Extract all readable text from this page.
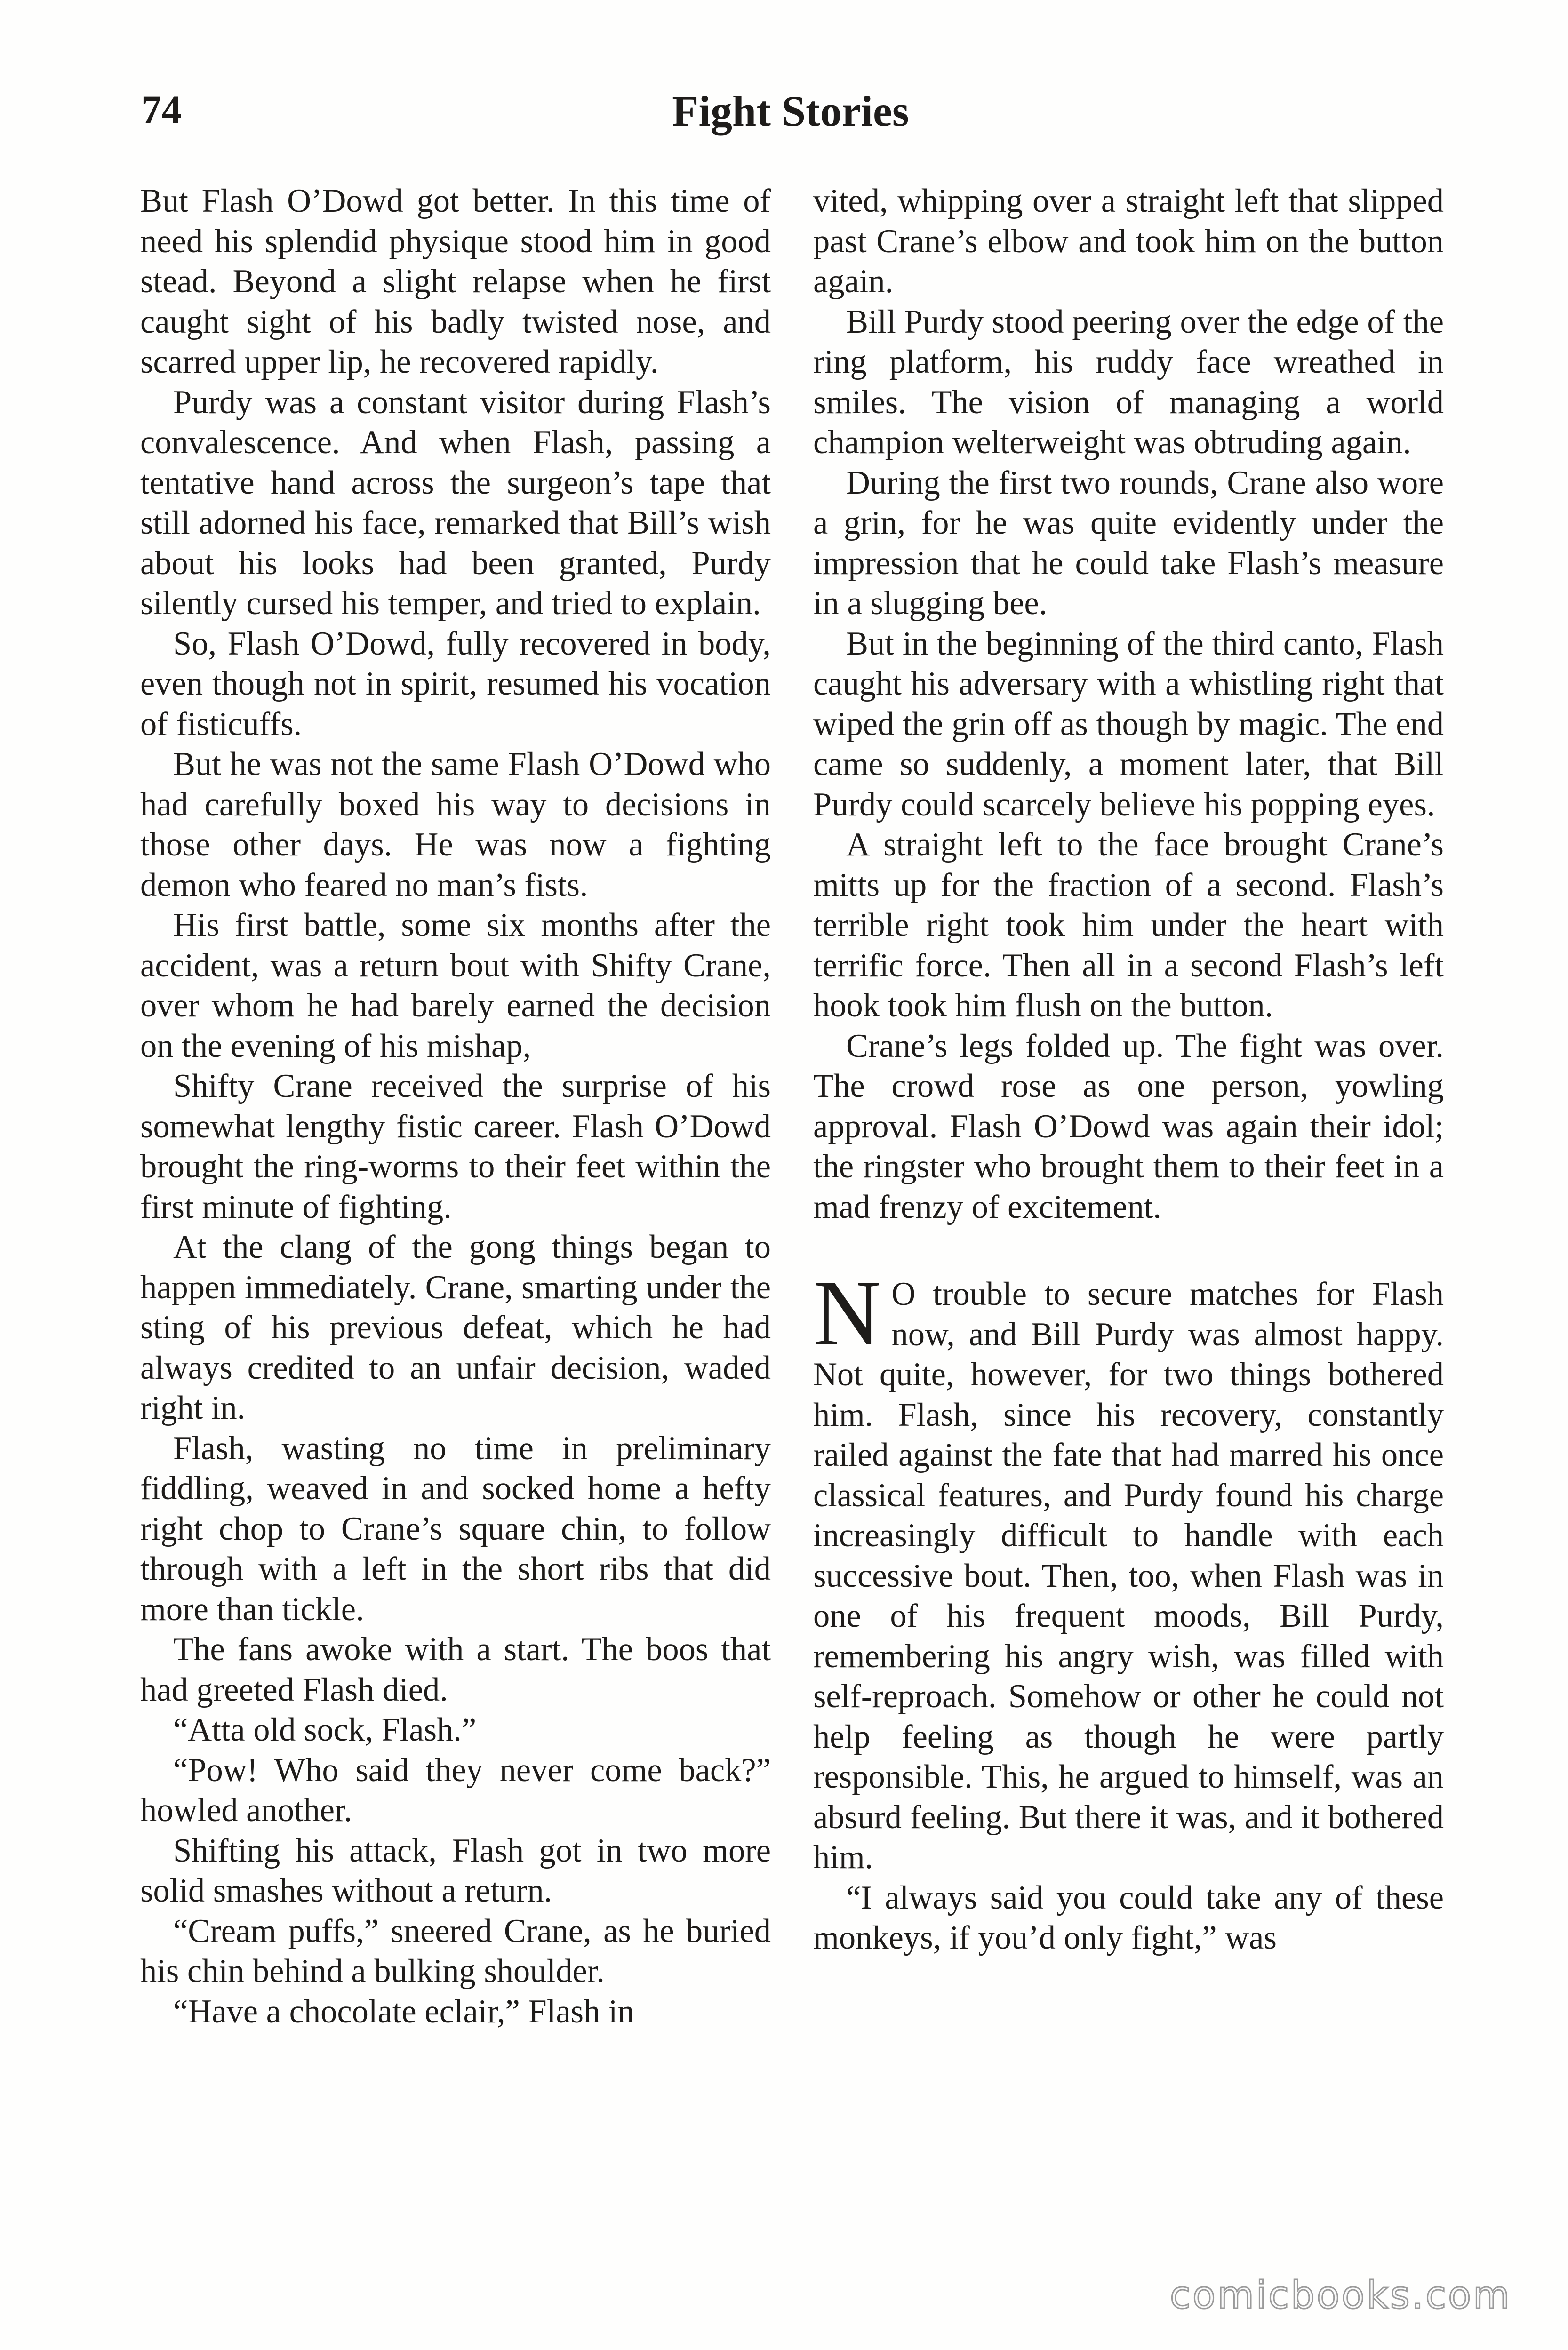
74	Fight Stories

But Flash O’Dowd got better. In this time of need his splendid physique stood him in good stead. Beyond a slight relapse when he first caught sight of his badly twisted nose, and scarred upper lip, he recovered rapidly.

Purdy was a constant visitor during Flash’s convalescence. And when Flash, passing a tentative hand across the surgeon’s tape that still adorned his face, remarked that Bill’s wish about his looks had been granted, Purdy silently cursed his temper, and tried to explain.

So, Flash O’Dowd, fully recovered in body, even though not in spirit, resumed his vocation of fisticuffs.

But he was not the same Flash O’Dowd who had carefully boxed his way to decisions in those other days. He was now a fighting demon who feared no man’s fists.

His first battle, some six months after the accident, was a return bout with Shifty Crane, over whom he had barely earned the decision on the evening of his mishap,

Shifty Crane received the surprise of his somewhat lengthy fistic career. Flash O’Dowd brought the ring-worms to their feet within the first minute of fighting.

At the clang of the gong things began to happen immediately. Crane, smarting under the sting of his previous defeat, which he had always credited to an unfair decision, waded right in.

Flash, wasting no time in preliminary fiddling, weaved in and socked home a hefty right chop to Crane’s square chin, to follow through with a left in the short ribs that did more than tickle.

The fans awoke with a start. The boos that had greeted Flash died.

“Atta old sock, Flash.”

“Pow! Who said they never come back?” howled another.

Shifting his attack, Flash got in two more solid smashes without a return.

“Cream puffs,” sneered Crane, as he buried his chin behind a bulking shoulder.

“Have a chocolate eclair,” Flash in

vited, whipping over a straight left that slipped past Crane’s elbow and took him on the button again.

Bill Purdy stood peering over the edge of the ring platform, his ruddy face wreathed in smiles. The vision of managing a world champion welterweight was obtruding again.

During the first two rounds, Crane also wore a grin, for he was quite evidently under the impression that he could take Flash’s measure in a slugging bee.

But in the beginning of the third canto, Flash caught his adversary with a whistling right that wiped the grin off as though by magic. The end came so suddenly, a moment later, that Bill Purdy could scarcely believe his popping eyes.

A straight left to the face brought Crane’s mitts up for the fraction of a second. Flash’s terrible right took him under the heart with terrific force. Then all in a second Flash’s left hook took him flush on the button.

Crane’s legs folded up. The fight was over. The crowd rose as one person, yowling approval. Flash O’Dowd was again their idol; the ringster who brought them to their feet in a mad frenzy of excitement.

N O trouble to secure matches for Flash now, and Bill Purdy was almost happy. Not quite, however, for two things bothered him. Flash, since his recovery, constantly railed against the fate that had marred his once classical features, and Purdy found his charge increasingly difficult to handle with each successive bout. Then, too, when Flash was in one of his frequent moods, Bill Purdy, remembering his angry wish, was filled with self-reproach. Somehow or other he could not help feeling as though he were partly responsible. This, he argued to himself, was an absurd feeling. But there it was, and it bothered him.

“I always said you could take any of these monkeys, if you’d only fight,” was

comicbooks.com
